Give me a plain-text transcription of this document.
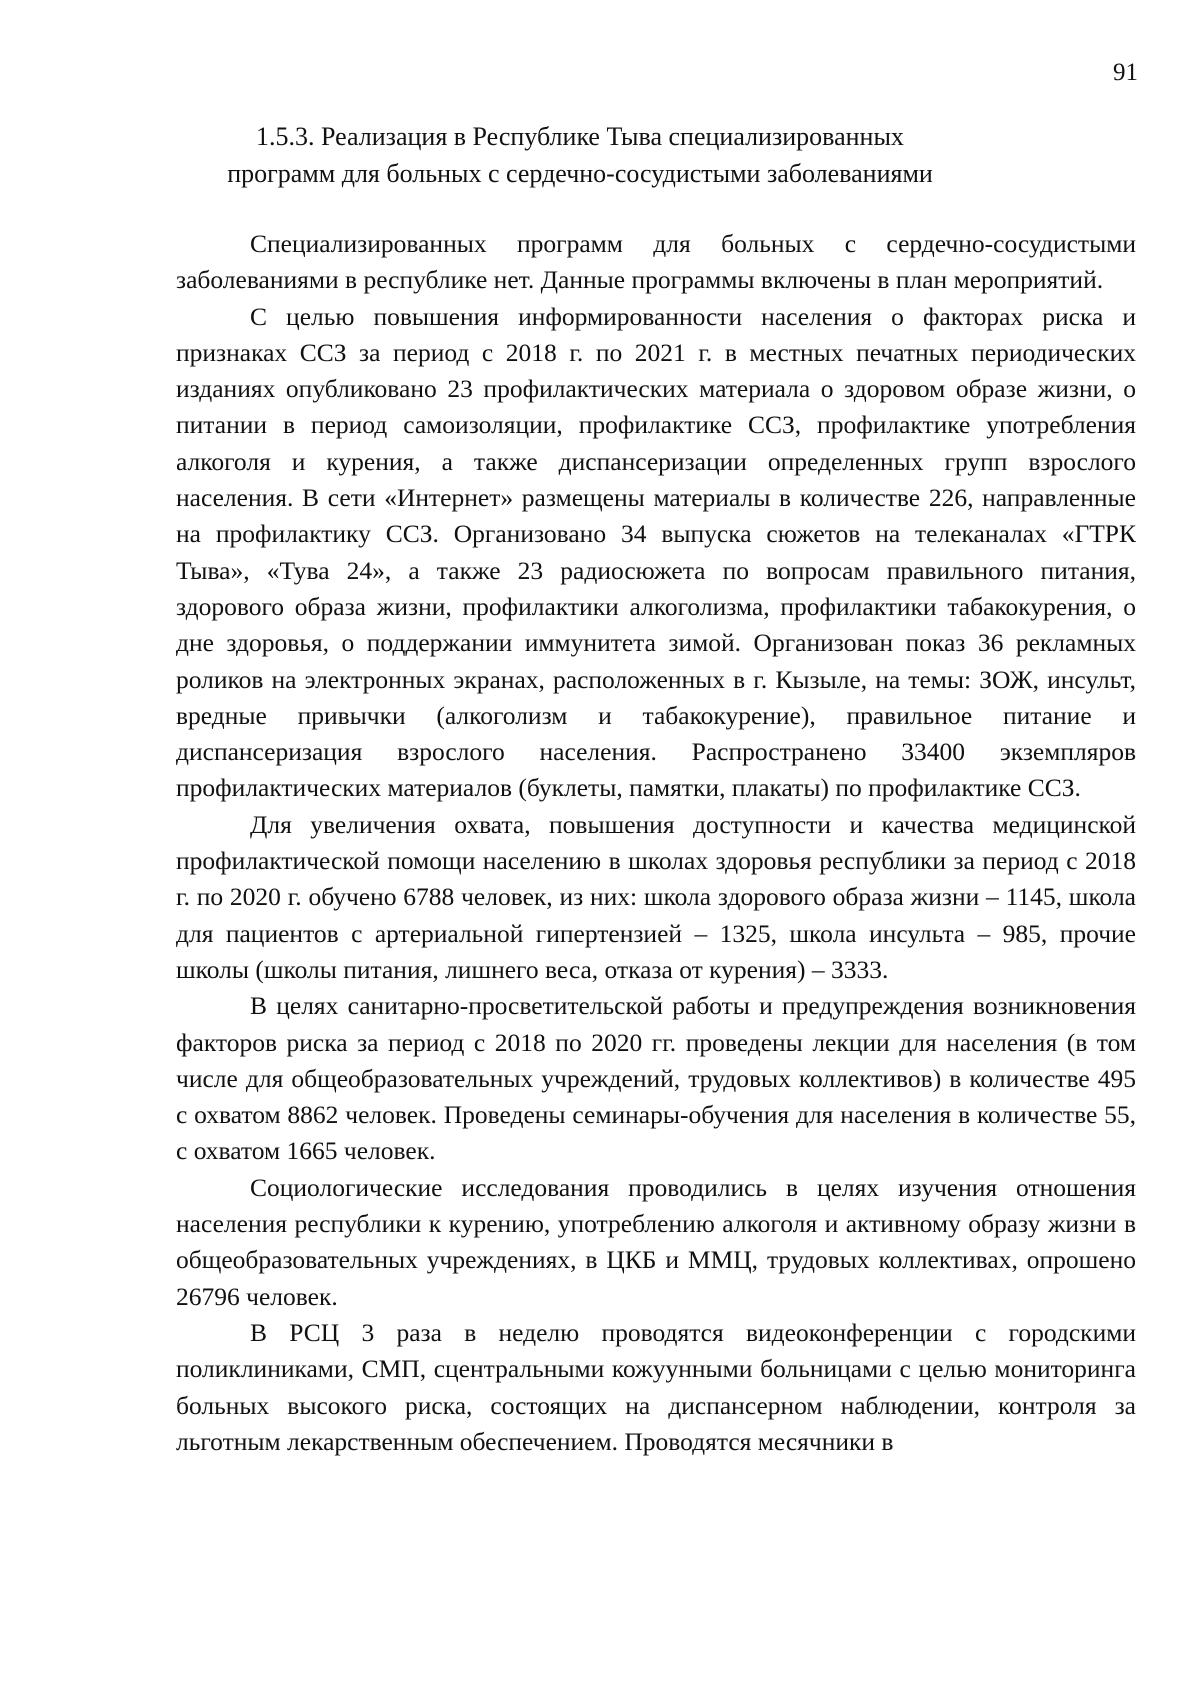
91
1.5.3. Реализация в Республике Тыва специализированных
программ для больных с сердечно-сосудистыми заболеваниями

Специализированных программ для больных с сердечно-сосудистыми заболеваниями в республике нет. Данные программы включены в план мероприятий.

С целью повышения информированности населения о факторах риска и признаках ССЗ за период с 2018 г. по 2021 г. в местных печатных периодических изданиях опубликовано 23 профилактических материала о здоровом образе жизни, о питании в период самоизоляции, профилактике ССЗ, профилактике употребления алкоголя и курения, а также диспансеризации определенных групп взрослого населения. В сети «Интернет» размещены материалы в количестве 226, направленные на профилактику ССЗ. Организовано 34 выпуска сюжетов на телеканалах «ГТРК Тыва», «Тува 24», а также 23 радиосюжета по вопросам правильного питания, здорового образа жизни, профилактики алкоголизма, профилактики табакокурения, о дне здоровья, о поддержании иммунитета зимой. Организован показ 36 рекламных роликов на электронных экранах, расположенных в г. Кызыле, на темы: ЗОЖ, инсульт, вредные привычки (алкоголизм и табакокурение), правильное питание и диспансеризация взрослого населения. Распространено 33400 экземпляров профилактических материалов (буклеты, памятки, плакаты) по профилактике ССЗ.

Для увеличения охвата, повышения доступности и качества медицинской профилактической помощи населению в школах здоровья республики за период с 2018 г. по 2020 г. обучено 6788 человек, из них: школа здорового образа жизни – 1145, школа для пациентов с артериальной гипертензией – 1325, школа инсульта – 985, прочие школы (школы питания, лишнего веса, отказа от курения) – 3333.

В целях санитарно-просветительской работы и предупреждения возникновения факторов риска за период с 2018 по 2020 гг. проведены лекции для населения (в том числе для общеобразовательных учреждений, трудовых коллективов) в количестве 495 с охватом 8862 человек. Проведены семинары-обучения для населения в количестве 55, с охватом 1665 человек.

Социологические исследования проводились в целях изучения отношения населения республики к курению, употреблению алкоголя и активному образу жизни в общеобразовательных учреждениях, в ЦКБ и ММЦ, трудовых коллективах, опрошено 26796 человек.

В РСЦ 3 раза в неделю проводятся видеоконференции с городскими поликлиниками, СМП, сцентральными кожуунными больницами с целью мониторинга больных высокого риска, состоящих на диспансерном наблюдении, контроля за льготным лекарственным обеспечением. Проводятся месячники в
